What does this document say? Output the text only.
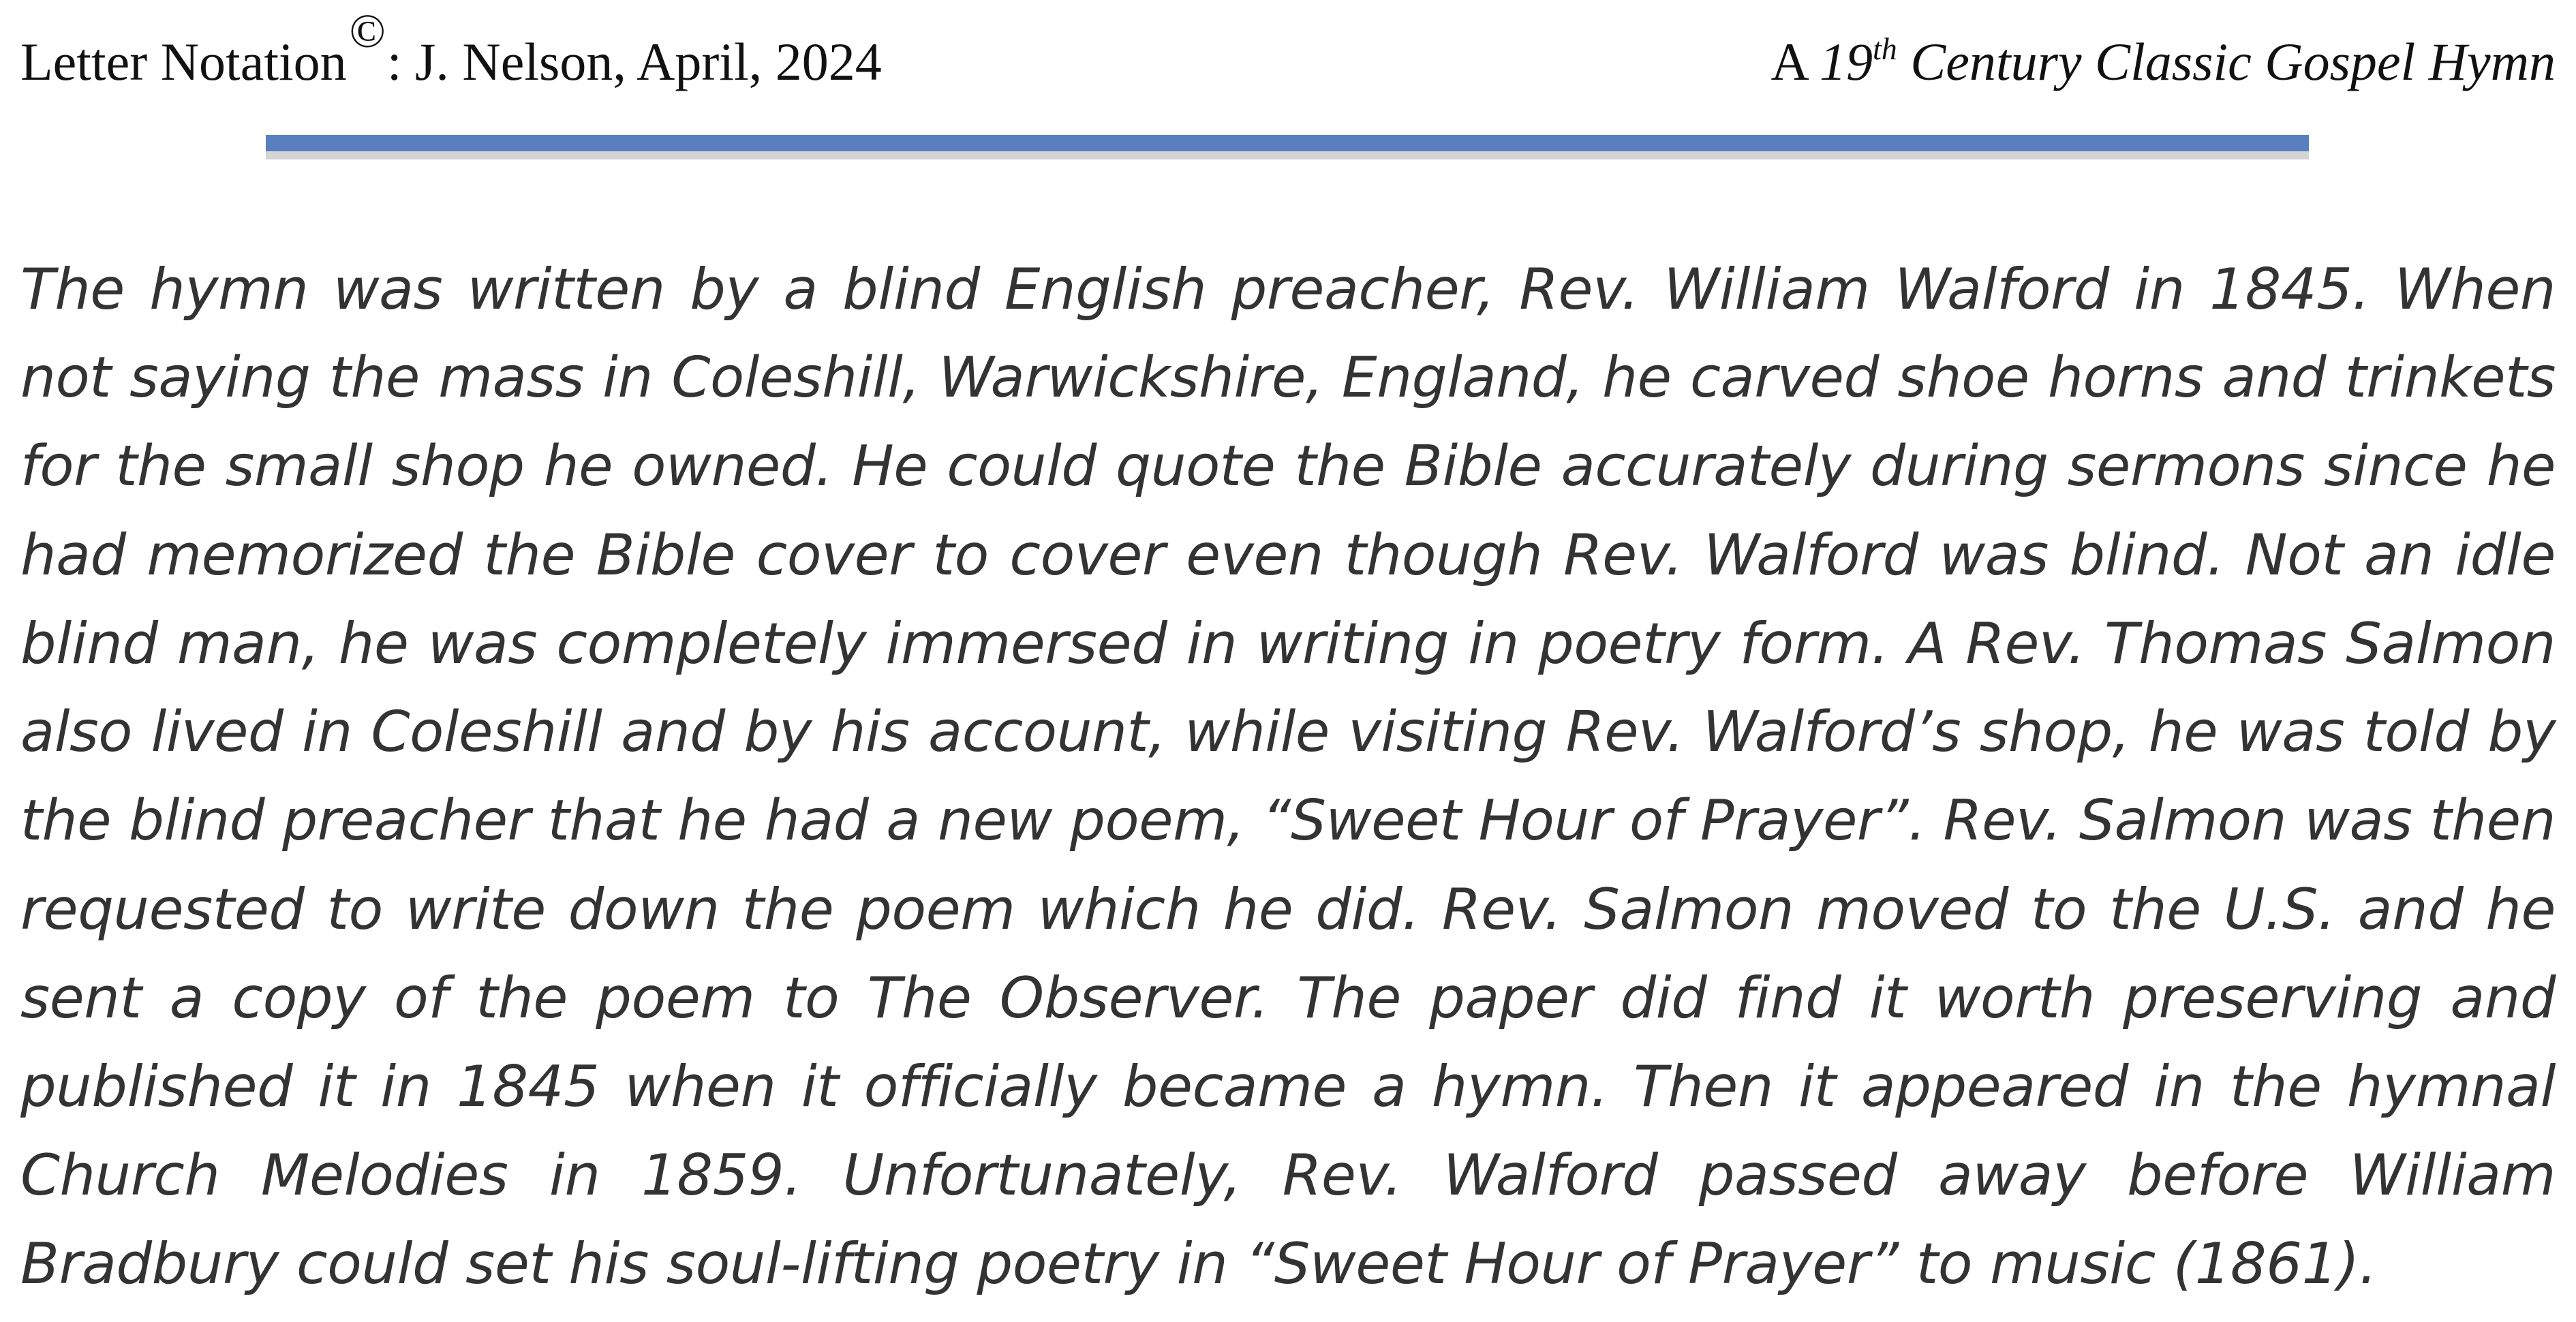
Letter Notation©: J. Nelson, April, 2024	A 19th Century Classic Gospel Hymn
The hymn was written by a blind English preacher, Rev. William Walford in 1845. When
not saying the mass in Coleshill, Warwickshire, England, he carved shoe horns and trinkets
for the small shop he owned. He could quote the Bible accurately during sermons since he
had memorized the Bible cover to cover even though Rev. Walford was blind. Not an idle
blind man, he was completely immersed in writing in poetry form. A Rev. Thomas Salmon
also lived in Coleshill and by his account, while visiting Rev. Walford’s shop, he was told by
the blind preacher that he had a new poem, “Sweet Hour of Prayer”. Rev. Salmon was then
requested to write down the poem which he did. Rev. Salmon moved to the U.S. and he
sent a copy of the poem to The Observer. The paper did find it worth preserving and
published it in 1845 when it officially became a hymn. Then it appeared in the hymnal
Church Melodies in 1859. Unfortunately, Rev. Walford passed away before William
Bradbury could set his soul-lifting poetry in “Sweet Hour of Prayer” to music (1861).
